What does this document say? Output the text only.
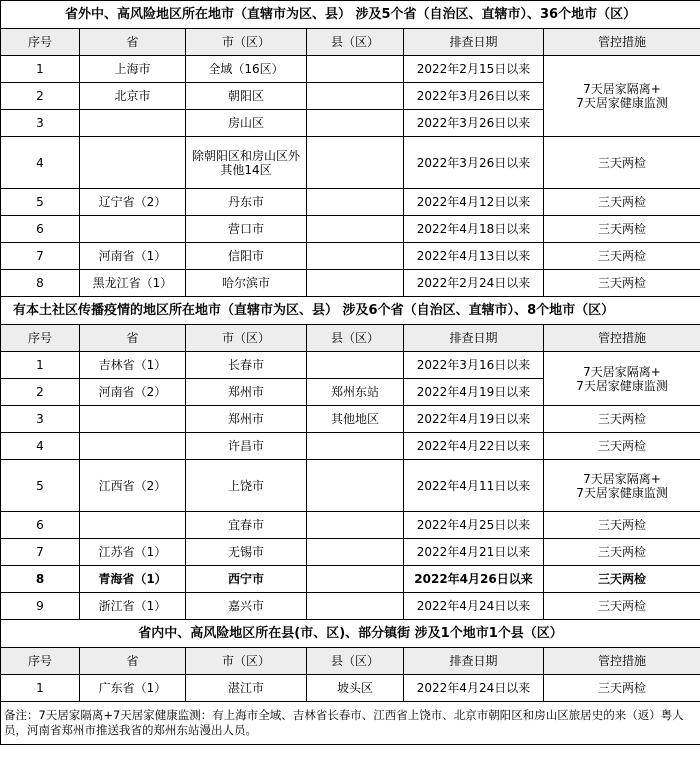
省外中、高风险地区所在地市（直辖市为区、县） 涉及5个省（自治区、直辖市）、36个地市（区）					
序号	省	市（区）	县（区）	排查日期	管控措施
1	上海市	全域（16区）		2022年2月15日以来	7天居家隔离+
7天居家健康监测

2	北京市	朝阳区		2022年3月26日以来	
3		房山区		2022年3月26日以来	
4		除朝阳区和房山区外其他14区		2022年3月26日以来	三天两检
5	辽宁省（2）	丹东市		2022年4月12日以来	三天两检
6		营口市		2022年4月18日以来	三天两检
7	河南省（1）	信阳市		2022年4月13日以来	三天两检
8	黑龙江省（1）	哈尔滨市		2022年2月24日以来	三天两检
有本土社区传播疫情的地区所在地市（直辖市为区、县） 涉及6个省（自治区、直辖市）、8个地市（区）					
序号	省	市（区）	县（区）	排查日期	管控措施
1	吉林省（1）	长春市		2022年3月16日以来	7天居家隔离+
7天居家健康监测

2	河南省（2）	郑州市	郑州东站	2022年4月19日以来	
3		郑州市	其他地区	2022年4月19日以来	三天两检
4		许昌市		2022年4月22日以来	三天两检
5	江西省（2）	上饶市		2022年4月11日以来	7天居家隔离+
7天居家健康监测

6		宜春市		2022年4月25日以来	三天两检
7	江苏省（1）	无锡市		2022年4月21日以来	三天两检
8	青海省（1）	西宁市		2022年4月26日以来	三天两检
9	浙江省（1）	嘉兴市		2022年4月24日以来	三天两检
省内中、高风险地区所在县(市、区)、部分镇街 涉及1个地市1个县（区）					
序号	省	市（区）	县（区）	排查日期	管控措施
1	广东省（1）	湛江市	坡头区	2022年4月24日以来	三天两检
备注：7天居家隔离+7天居家健康监测：有上海市全域、吉林省长春市、江西省上饶市、北京市朝阳区和房山区旅居史的来（返）粤人员，河南省郑州市推送我省的郑州东站漫出人员。					
